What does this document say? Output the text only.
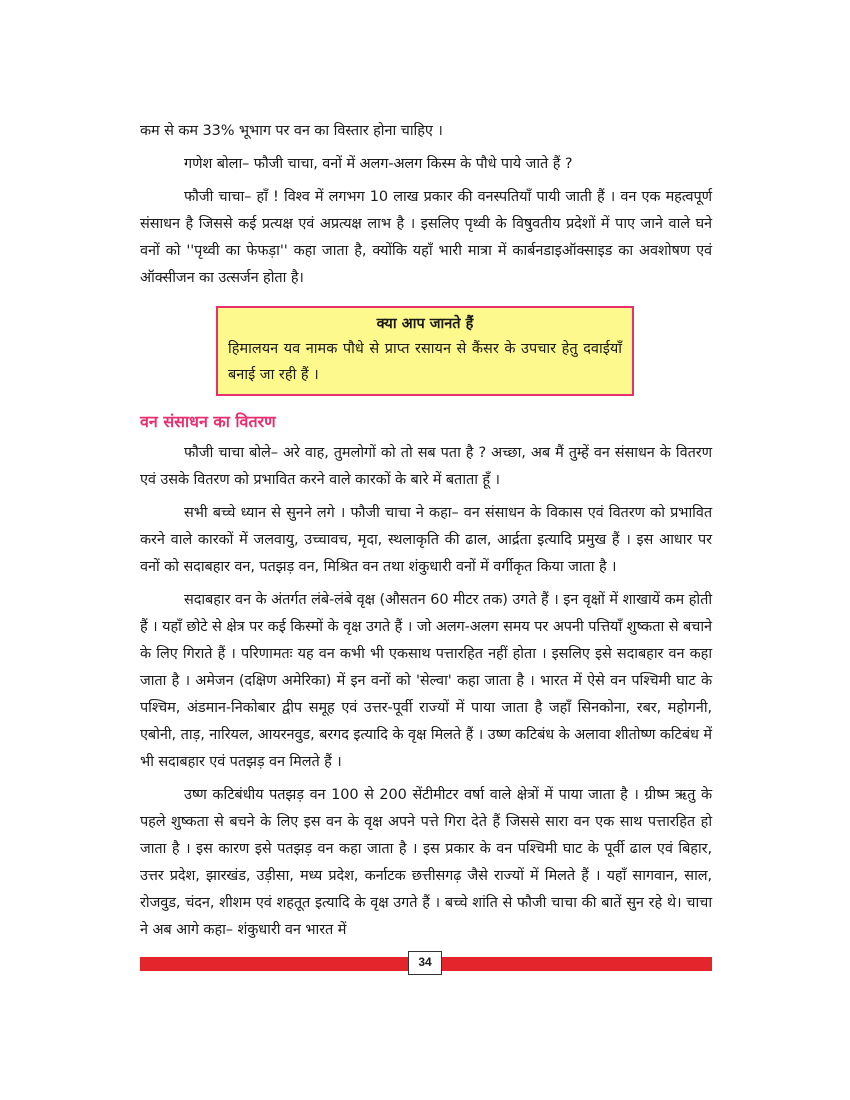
कम से कम 33% भूभाग पर वन का विस्तार होना चाहिए ।

गणेश बोला– फौजी चाचा, वनों में अलग-अलग किस्म के पौधे पाये जाते हैं ?

फौजी चाचा– हाँ ! विश्व में लगभग 10 लाख प्रकार की वनस्पतियाँ पायी जाती हैं । वन एक महत्वपूर्ण संसाधन है जिससे कई प्रत्यक्ष एवं अप्रत्यक्ष लाभ है । इसलिए पृथ्वी के विषुवतीय प्रदेशों में पाए जाने वाले घने वनों को ''पृथ्वी का फेफड़ा'' कहा जाता है, क्योंकि यहाँ भारी मात्रा में कार्बनडाइऑक्साइड का अवशोषण एवं ऑक्सीजन का उत्सर्जन होता है।

क्या आप जानते हैं
हिमालयन यव नामक पौधे से प्राप्त रसायन से कैंसर के उपचार हेतु दवाईयाँ बनाई जा रही हैं ।
वन संसाधन का वितरण

फौजी चाचा बोले– अरे वाह, तुमलोगों को तो सब पता है ? अच्छा, अब मैं तुम्हें वन संसाधन के वितरण एवं उसके वितरण को प्रभावित करने वाले कारकों के बारे में बताता हूँ ।

सभी बच्चे ध्यान से सुनने लगे । फौजी चाचा ने कहा– वन संसाधन के विकास एवं वितरण को प्रभावित करने वाले कारकों में जलवायु, उच्चावच, मृदा, स्थलाकृति की ढाल, आर्द्रता इत्यादि प्रमुख हैं । इस आधार पर वनों को सदाबहार वन, पतझड़ वन, मिश्रित वन तथा शंकुधारी वनों में वर्गीकृत किया जाता है ।

सदाबहार वन के अंतर्गत लंबे-लंबे वृक्ष (औसतन 60 मीटर तक) उगते हैं । इन वृक्षों में शाखायें कम होती हैं । यहाँ छोटे से क्षेत्र पर कई किस्मों के वृक्ष उगते हैं । जो अलग-अलग समय पर अपनी पत्तियाँ शुष्कता से बचाने के लिए गिराते हैं । परिणामतः यह वन कभी भी एकसाथ पत्तारहित नहीं होता । इसलिए इसे सदाबहार वन कहा जाता है । अमेजन (दक्षिण अमेरिका) में इन वनों को 'सेल्वा' कहा जाता है । भारत में ऐसे वन पश्चिमी घाट के पश्चिम, अंडमान-निकोबार द्वीप समूह एवं उत्तर-पूर्वी राज्यों में पाया जाता है जहाँ सिनकोना, रबर, महोगनी, एबोनी, ताड़, नारियल, आयरनवुड, बरगद इत्यादि के वृक्ष मिलते हैं । उष्ण कटिबंध के अलावा शीतोष्ण कटिबंध में भी सदाबहार एवं पतझड़ वन मिलते हैं ।

उष्ण कटिबंधीय पतझड़ वन 100 से 200 सेंटीमीटर वर्षा वाले क्षेत्रों में पाया जाता है । ग्रीष्म ऋतु के पहले शुष्कता से बचने के लिए इस वन के वृक्ष अपने पत्ते गिरा देते हैं जिससे सारा वन एक साथ पत्तारहित हो जाता है । इस कारण इसे पतझड़ वन कहा जाता है । इस प्रकार के वन पश्चिमी घाट के पूर्वी ढाल एवं बिहार, उत्तर प्रदेश, झारखंड, उड़ीसा, मध्य प्रदेश, कर्नाटक छत्तीसगढ़ जैसे राज्यों में मिलते हैं । यहाँ सागवान, साल, रोजवुड, चंदन, शीशम एवं शहतूत इत्यादि के वृक्ष उगते हैं । बच्चे शांति से फौजी चाचा की बातें सुन रहे थे। चाचा ने अब आगे कहा– शंकुधारी वन भारत में

34
